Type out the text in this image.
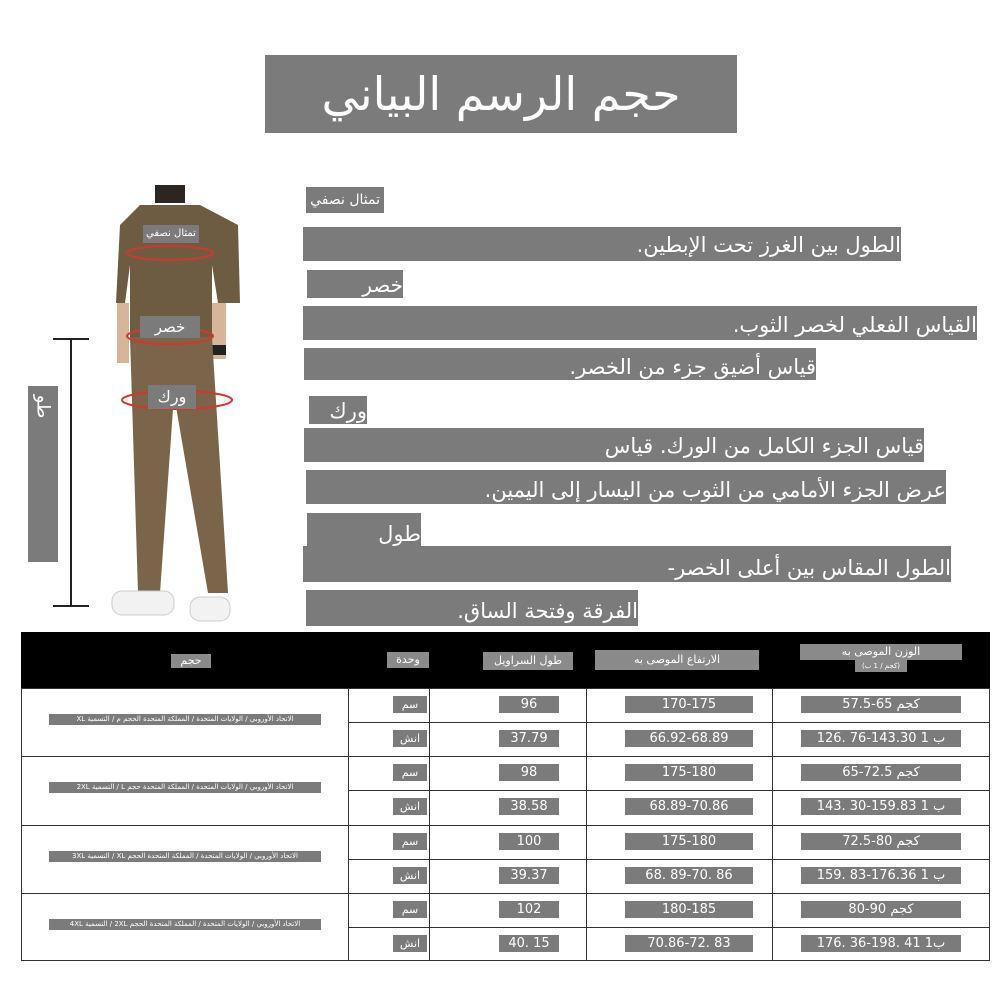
حجم الرسم البياني
تمثال نصفي
خصر
ورك
طو
تمثال نصفي
الطول بين الغرز تحت الإبطين.
خصر
القياس الفعلي لخصر الثوب.
قياس أضيق جزء من الخصر.
ورك
قياس الجزء الكامل من الورك. قياس
عرض الجزء الأمامي من الثوب من اليسار إلى اليمين.
طول
الطول المقاس بين أعلى الخصر-
الفرقة وفتحة الساق.
حجم	وحدة	طول السراويل	الارتفاع الموصى به
الوزن الموصى به
(كجم / 1 ب)
الاتحاد الأوروبي / الولايات المتحدة / المملكة المتحدة الحجم م / التسمية XL
سم	96	170-175	57.5-65 كجم
انش	37.79	66.92-68.89	126. 76-143.30 1 ب
الاتحاد الأوروبي / الولايات المتحدة / المملكة المتحدة حجم L / التسمية 2XL
سم	98	175-180	65-72.5 كجم
انش	38.58	68.89-70.86	143. 30-159.83 1 ب
الاتحاد الأوروبي / الولايات المتحدة / المملكة المتحدة الحجم XL / التسمية 3XL
سم	100	175-180	72.5-80 كجم
انش	39.37	68. 89-70. 86	159. 83-176.36 1 ب
الاتحاد الأوروبي / الولايات المتحدة / المملكة المتحدة الحجم 2XL / التسمية 4XL
سم	102	180-185	80-90 كجم
انش	40. 15	70.86-72. 83	176. 36-198. 41 1ب
